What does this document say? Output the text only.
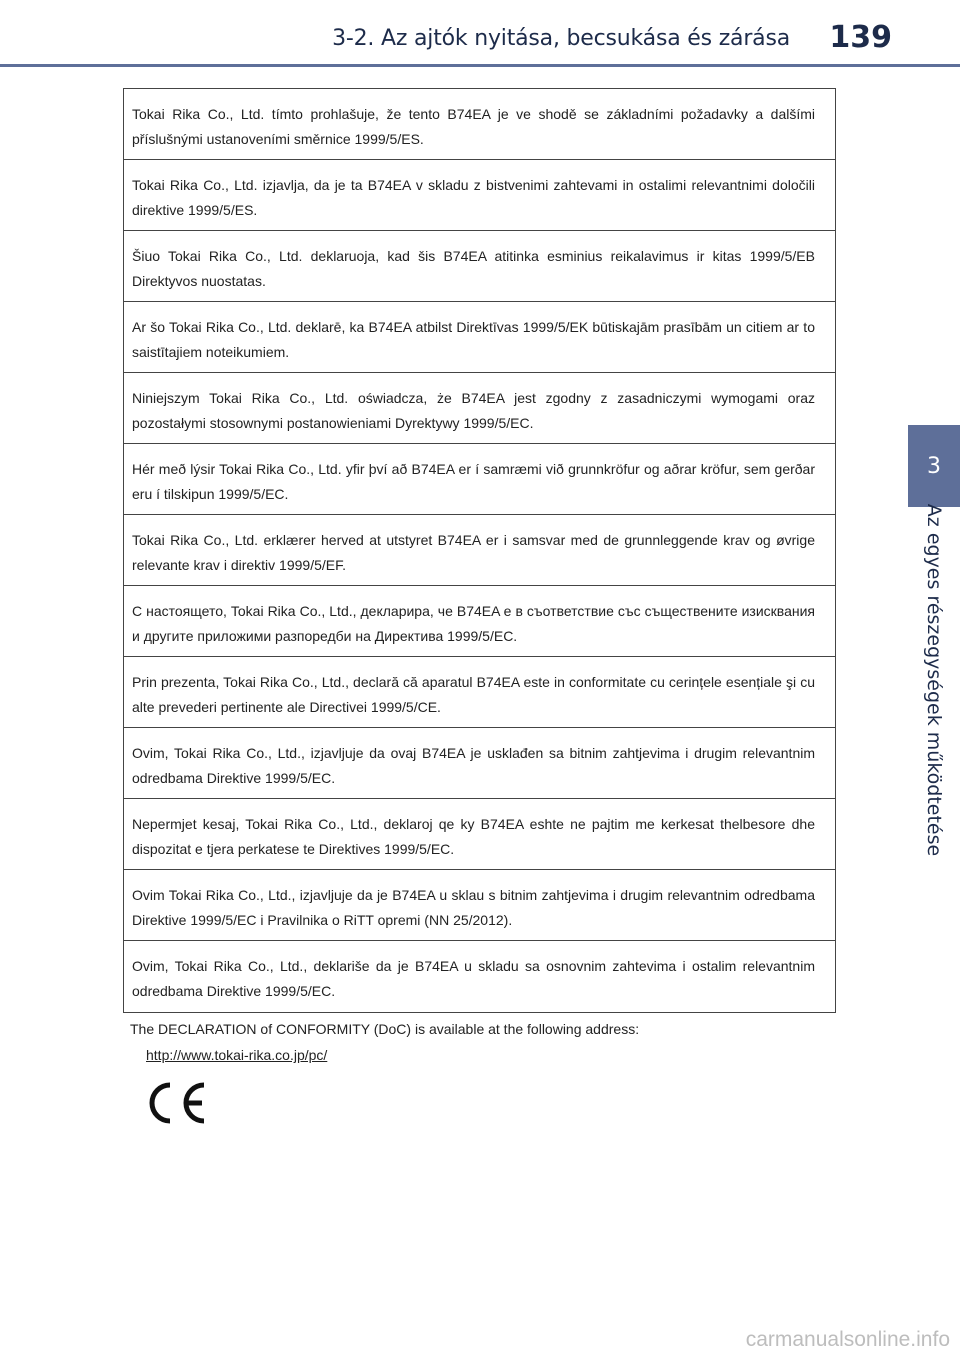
3-2. Az ajtók nyitása, becsukása és zárása 139
3
Az egyes részegységek működtetése
Tokai Rika Co., Ltd. tímto prohlašuje, že tento B74EA je ve shodě se základními požadavky a dalšími příslušnými ustanoveními směrnice 1999/5/ES.
Tokai Rika Co., Ltd. izjavlja, da je ta B74EA v skladu z bistvenimi zahtevami in ostalimi relevantnimi določili direktive 1999/5/ES.
Šiuo Tokai Rika Co., Ltd. deklaruoja, kad šis B74EA atitinka esminius reikalavimus ir kitas 1999/5/EB Direktyvos nuostatas.
Ar šo Tokai Rika Co., Ltd. deklarē, ka B74EA atbilst Direktīvas 1999/5/EK būtiskajām prasībām un citiem ar to saistītajiem noteikumiem.
Niniejszym Tokai Rika Co., Ltd. oświadcza, że B74EA jest zgodny z zasadniczymi wymogami oraz pozostałymi stosownymi postanowieniami Dyrektywy 1999/5/EC.
Hér með lýsir Tokai Rika Co., Ltd. yfir því að B74EA er í samræmi við grunnkröfur og aðrar kröfur, sem gerðar eru í tilskipun 1999/5/EC.
Tokai Rika Co., Ltd. erklærer herved at utstyret B74EA er i samsvar med de grunnleggende krav og øvrige relevante krav i direktiv 1999/5/EF.
С настоящето, Tokai Rika Co., Ltd., декларира, че B74EA е в съответствие със съществените изисквания и другите приложими разпоредби на Директива 1999/5/EC.
Prin prezenta, Tokai Rika Co., Ltd., declară că aparatul B74EA este in conformitate cu cerințele esențiale şi cu alte prevederi pertinente ale Directivei 1999/5/CE.
Ovim, Tokai Rika Co., Ltd., izjavljuje da ovaj B74EA je usklađen sa bitnim zahtjevima i drugim relevantnim odredbama Direktive 1999/5/EC.
Nepermjet kesaj, Tokai Rika Co., Ltd., deklaroj qe ky B74EA eshte ne pajtim me kerkesat thelbesore dhe dispozitat e tjera perkatese te Direktives 1999/5/EC.
Ovim Tokai Rika Co., Ltd., izjavljuje da je B74EA u sklau s bitnim zahtjevima i drugim relevantnim odredbama Direktive 1999/5/EC i Pravilnika o RiTT opremi (NN 25/2012).
Ovim, Tokai Rika Co., Ltd., deklariše da je B74EA u skladu sa osnovnim zahtevima i ostalim relevantnim odredbama Direktive 1999/5/EC.
The DECLARATION of CONFORMITY (DoC) is available at the following address:
http://www.tokai-rika.co.jp/pc/
carmanualsonline.info
